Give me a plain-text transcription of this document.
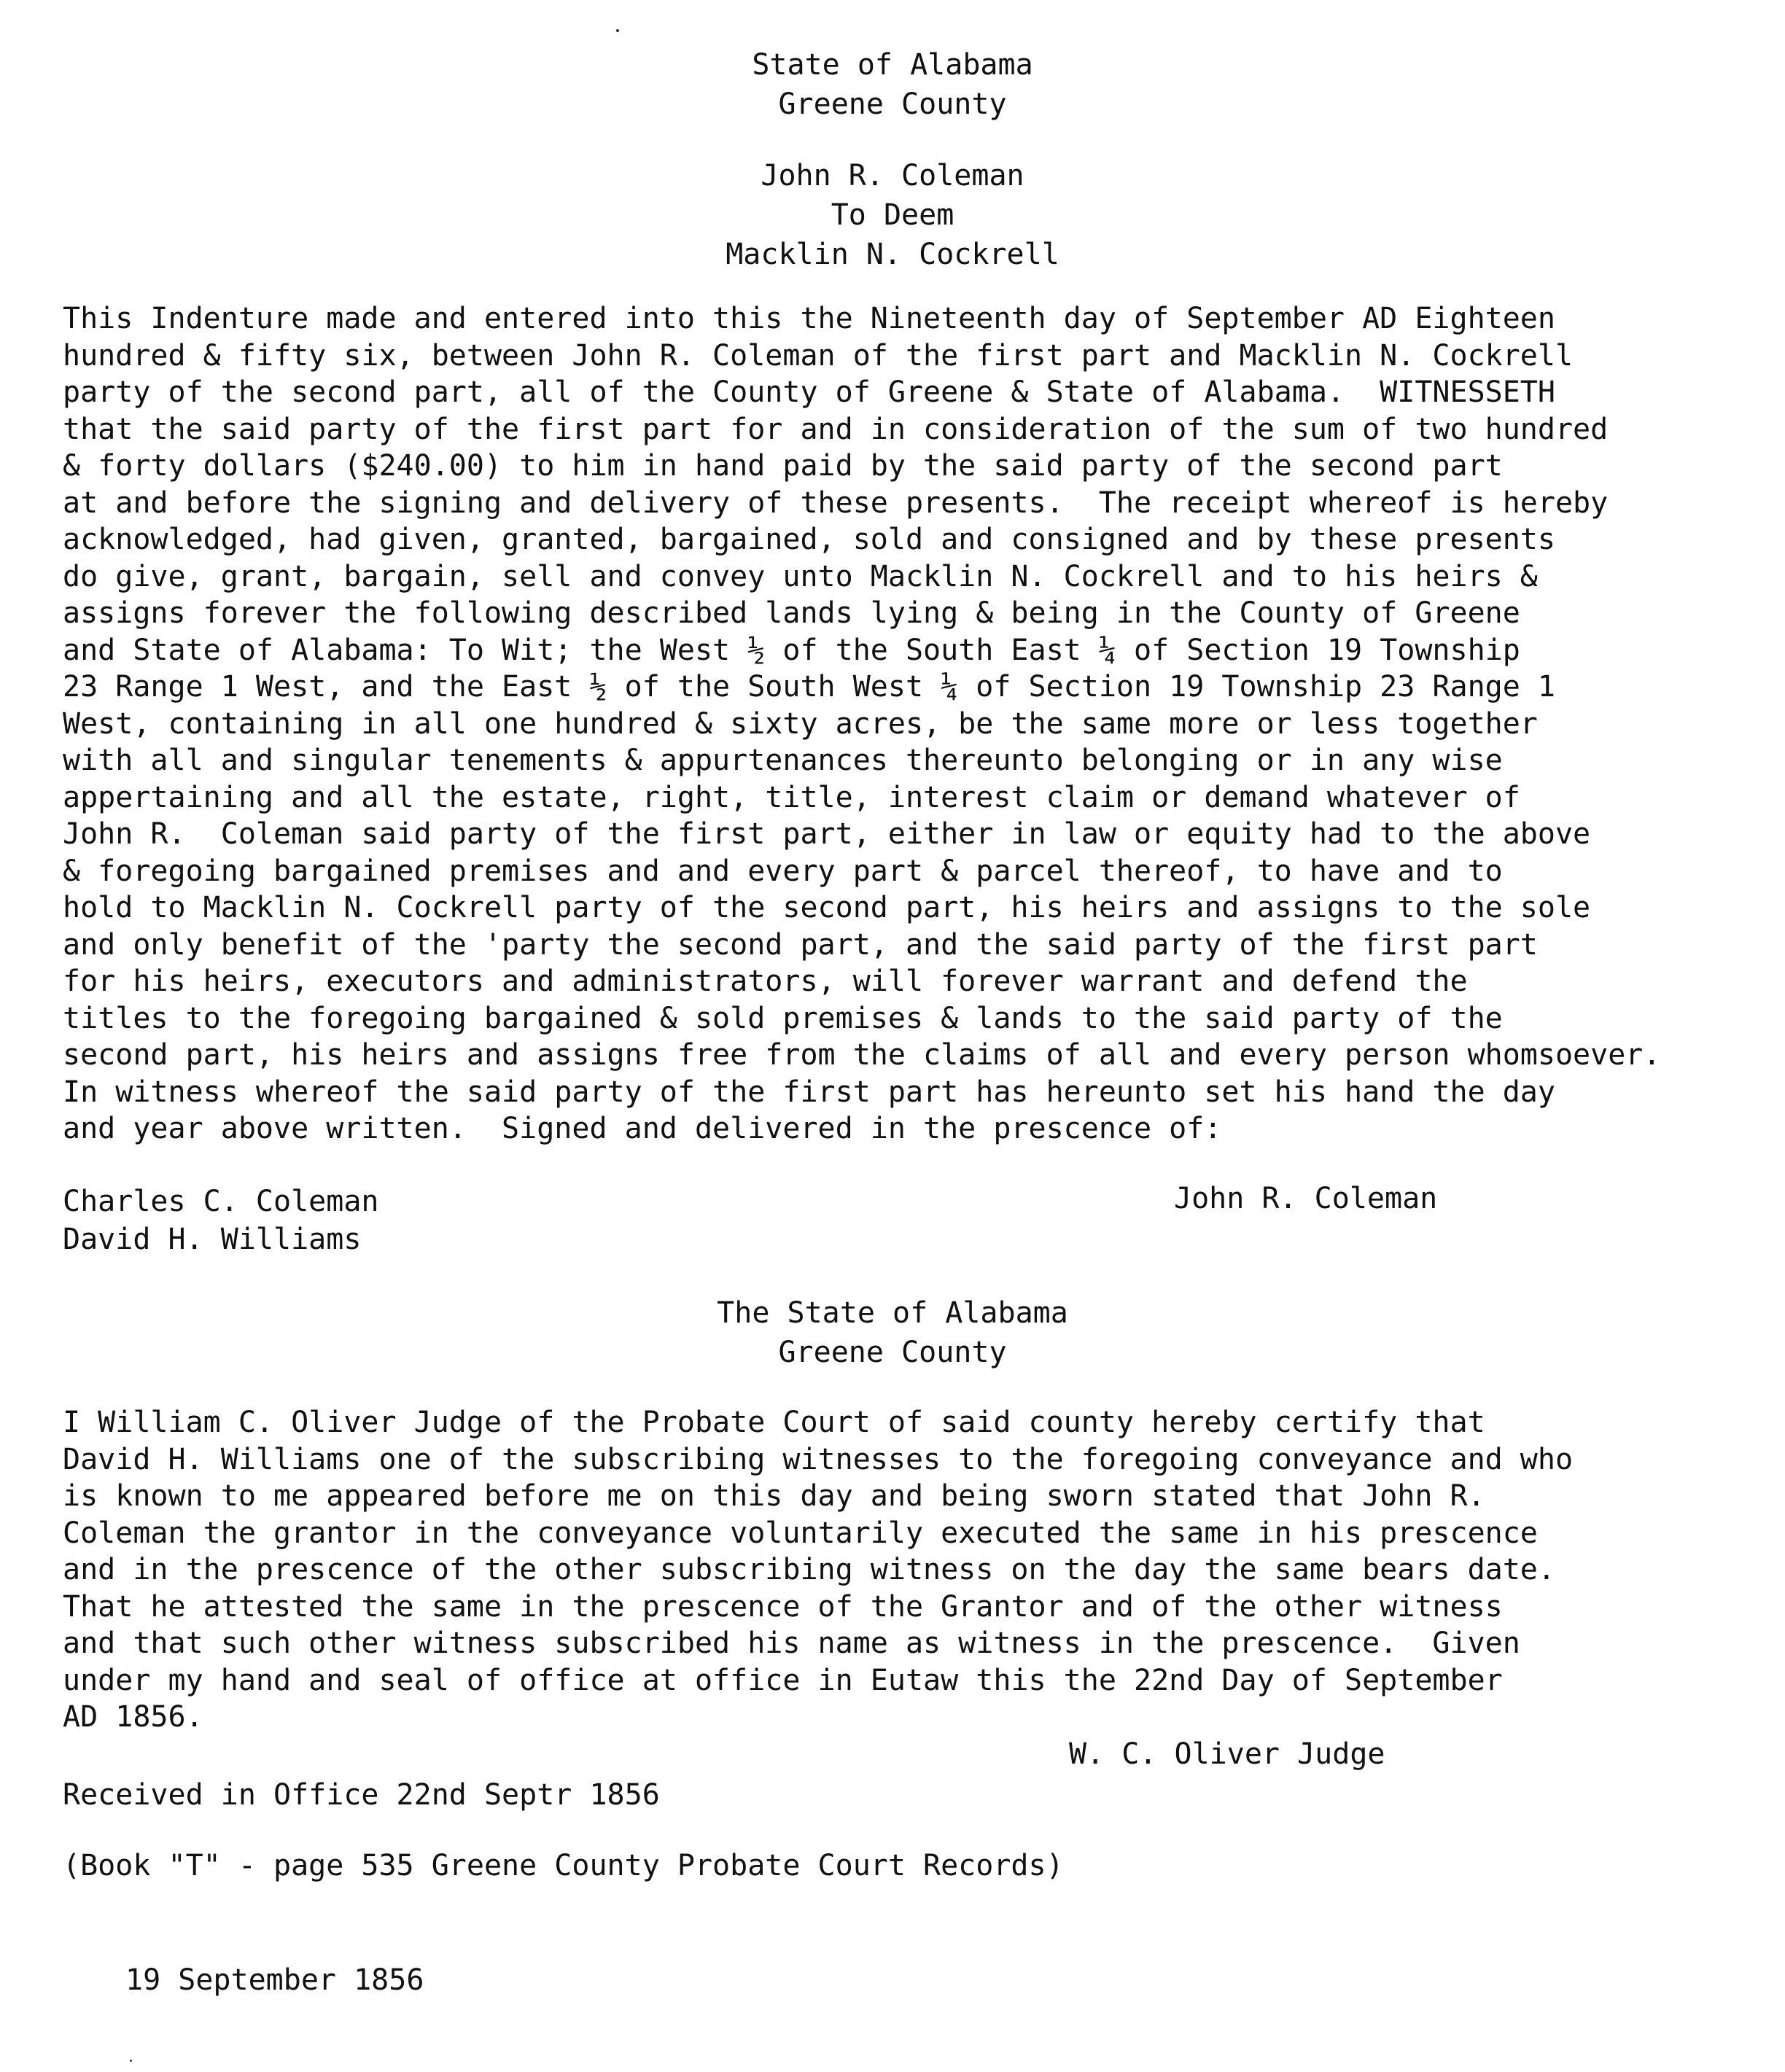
State of Alabama
Greene County
John R. Coleman
To Deem
Macklin N. Cockrell
This Indenture made and entered into this the Nineteenth day of September AD Eighteen
hundred & fifty six, between John R. Coleman of the first part and Macklin N. Cockrell
party of the second part, all of the County of Greene & State of Alabama.  WITNESSETH
that the said party of the first part for and in consideration of the sum of two hundred
& forty dollars ($240.00) to him in hand paid by the said party of the second part
at and before the signing and delivery of these presents.  The receipt whereof is hereby
acknowledged, had given, granted, bargained, sold and consigned and by these presents
do give, grant, bargain, sell and convey unto Macklin N. Cockrell and to his heirs &
assigns forever the following described lands lying & being in the County of Greene
and State of Alabama: To Wit; the West ½ of the South East ¼ of Section 19 Township
23 Range 1 West, and the East ½ of the South West ¼ of Section 19 Township 23 Range 1
West, containing in all one hundred & sixty acres, be the same more or less together
with all and singular tenements & appurtenances thereunto belonging or in any wise
appertaining and all the estate, right, title, interest claim or demand whatever of
John R.  Coleman said party of the first part, either in law or equity had to the above
& foregoing bargained premises and and every part & parcel thereof, to have and to
hold to Macklin N. Cockrell party of the second part, his heirs and assigns to the sole
and only benefit of the 'party the second part, and the said party of the first part
for his heirs, executors and administrators, will forever warrant and defend the
titles to the foregoing bargained & sold premises & lands to the said party of the
second part, his heirs and assigns free from the claims of all and every person whomsoever.
In witness whereof the said party of the first part has hereunto set his hand the day
and year above written.  Signed and delivered in the prescence of:
Charles C. Coleman
David H. Williams
John R. Coleman
The State of Alabama
Greene County
I William C. Oliver Judge of the Probate Court of said county hereby certify that
David H. Williams one of the subscribing witnesses to the foregoing conveyance and who
is known to me appeared before me on this day and being sworn stated that John R.
Coleman the grantor in the conveyance voluntarily executed the same in his prescence
and in the prescence of the other subscribing witness on the day the same bears date.
That he attested the same in the prescence of the Grantor and of the other witness
and that such other witness subscribed his name as witness in the prescence.  Given
under my hand and seal of office at office in Eutaw this the 22nd Day of September
AD 1856.
W. C. Oliver Judge
Received in Office 22nd Septr 1856
(Book "T" - page 535 Greene County Probate Court Records)
19 September 1856
